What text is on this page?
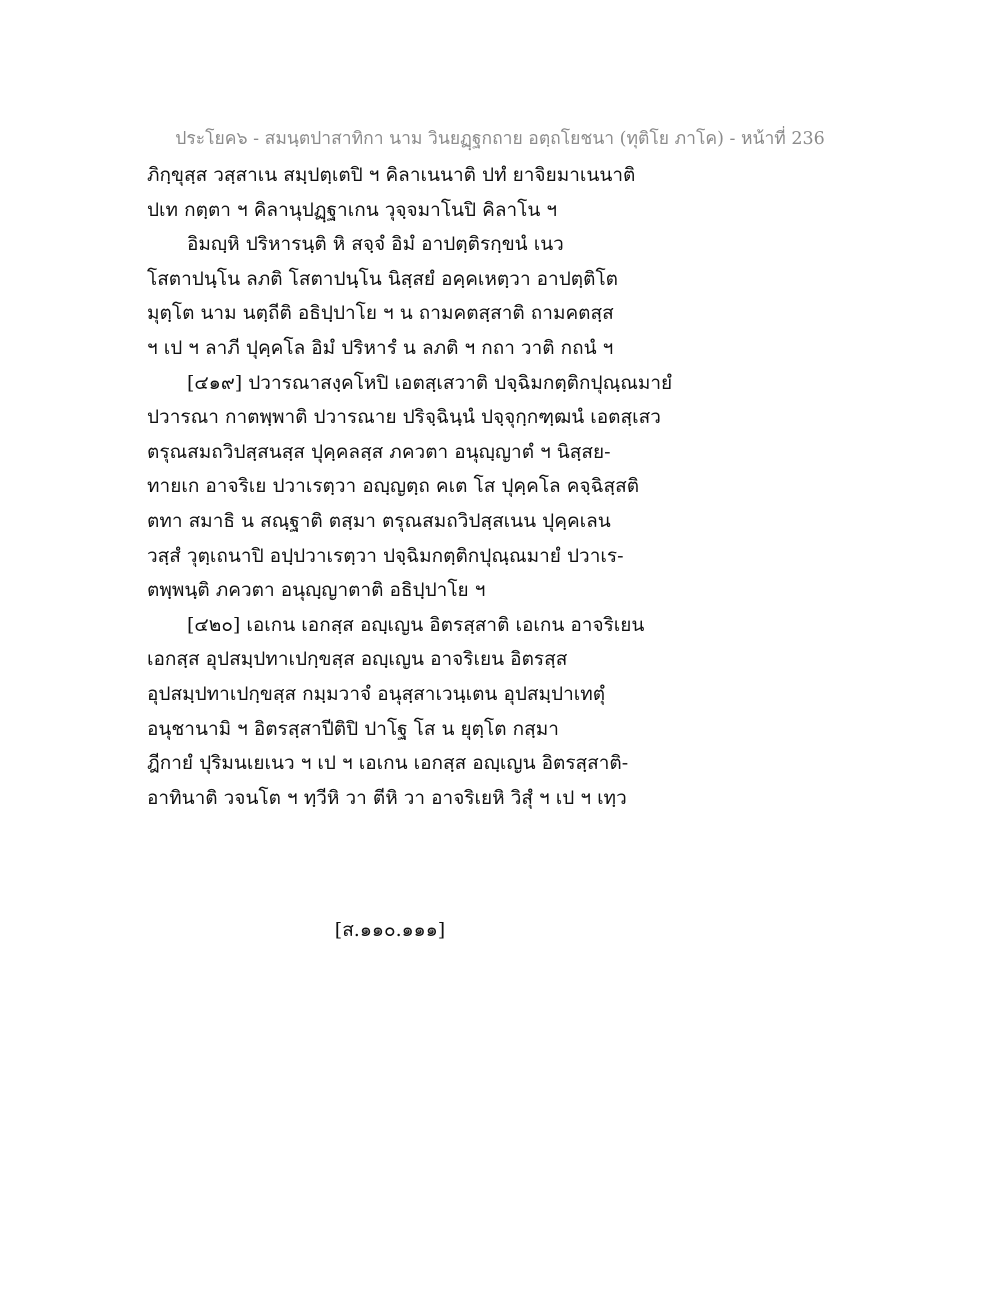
ประโยค๖ - สมนฺตปาสาทิกา นาม วินยฏฺฐกถาย อตฺถโยชนา (ทุติโย ภาโค) - หน้าที่ 236
ภิกฺขุสฺส วสฺสาเน สมฺปตฺเตปิ ฯ คิลาเนนาติ ปทํ ยาจิยมาเนนาติ
ปเท กตฺตา ฯ คิลานุปฏฺฐาเกน วุจฺจมาโนปิ คิลาโน ฯ
อิมญฺหิ ปริหารนฺติ หิ สจฺจํ อิมํ อาปตฺติรกฺขนํ เนว
โสตาปนฺโน ลภติ โสตาปนฺโน นิสฺสยํ อคฺคเหตฺวา อาปตฺติโต
มุตฺโต นาม นตฺถีติ อธิปฺปาโย ฯ น ถามคตสฺสาติ ถามคตสฺส
ฯ เป ฯ ลาภี ปุคฺคโล อิมํ ปริหารํ น ลภติ ฯ กถา วาติ กถนํ ฯ
[๔๑๙] ปวารณาสงฺคโหปิ เอตสฺเสวาติ ปจฺฉิมกตฺติกปุณฺณมายํ
ปวารณา กาตพฺพาติ ปวารณาย ปริจฺฉินฺนํ ปจฺจุกฺกฑฺฒนํ เอตสฺเสว
ตรุณสมถวิปสฺสนสฺส ปุคฺคลสฺส ภควตา อนุญฺญาตํ ฯ นิสฺสย-
ทายเก อาจริเย ปวาเรตฺวา อญฺญตฺถ คเต โส ปุคฺคโล คจฺฉิสฺสติ
ตทา สมาธิ น สณฺฐาติ ตสฺมา ตรุณสมถวิปสฺสเนน ปุคฺคเลน
วสฺสํ วุตฺเถนาปิ อปฺปวาเรตฺวา ปจฺฉิมกตฺติกปุณฺณมายํ ปวาเร-
ตพฺพนฺติ ภควตา อนุญฺญาตาติ อธิปฺปาโย ฯ
[๔๒๐] เอเกน เอกสฺส อญฺเญน อิตรสฺสาติ เอเกน อาจริเยน
เอกสฺส อุปสมฺปทาเปกฺขสฺส อญฺเญน อาจริเยน อิตรสฺส
อุปสมฺปทาเปกฺขสฺส กมฺมวาจํ อนุสฺสาเวนฺเตน อุปสมฺปาเทตุํ
อนุชานามิ ฯ อิตรสฺสาปีติปิ ปาโฐ โส น ยุตฺโต กสฺมา
ฎีกายํ ปุริมนเยเนว ฯ เป ฯ เอเกน เอกสฺส อญฺเญน อิตรสฺสาติ-
อาทินาติ วจนโต ฯ ทฺวีหิ วา ตีหิ วา อาจริเยหิ วิสุํ ฯ เป ฯ เทฺว
[ส.๑๑๐.๑๑๑]
